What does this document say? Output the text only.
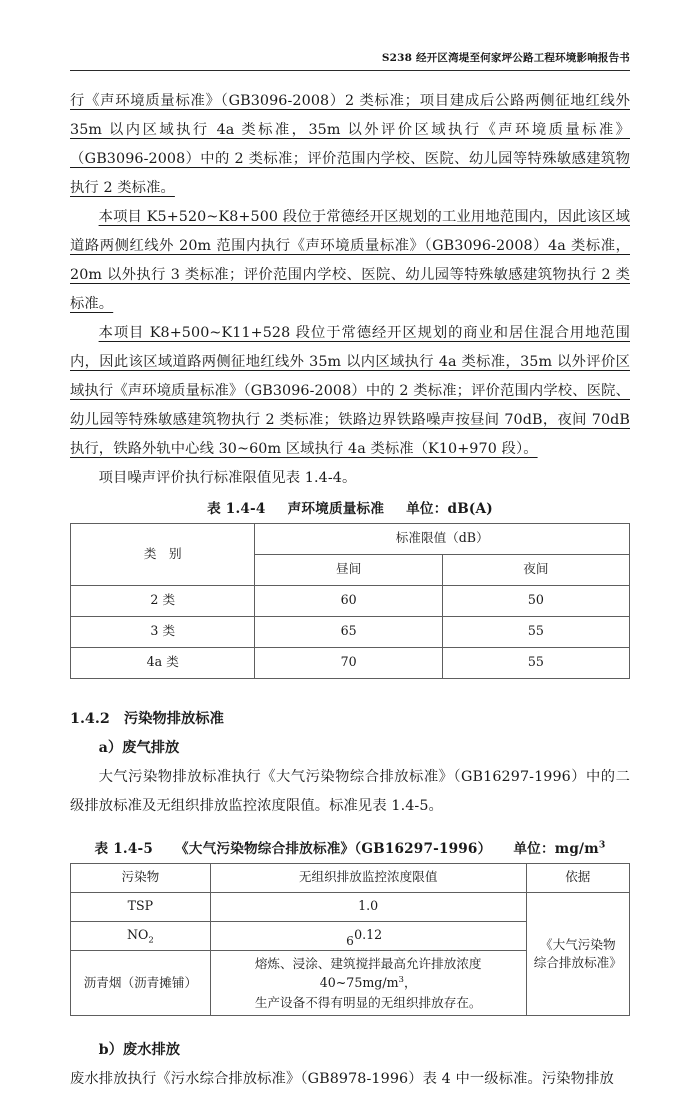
S238 经开区湾堤至何家坪公路工程环境影响报告书

行《声环境质量标准》（GB3096-2008）2 类标准；项目建成后公路两侧征地红线外 35m 以内区域执行 4a 类标准，35m 以外评价区域执行《声环境质量标准》（GB3096-2008）中的 2 类标准；评价范围内学校、医院、幼儿园等特殊敏感建筑物执行 2 类标准。

本项目 K5+520~K8+500 段位于常德经开区规划的工业用地范围内，因此该区域道路两侧红线外 20m 范围内执行《声环境质量标准》（GB3096-2008）4a 类标准，20m 以外执行 3 类标准；评价范围内学校、医院、幼儿园等特殊敏感建筑物执行 2 类标准。

本项目 K8+500~K11+528 段位于常德经开区规划的商业和居住混合用地范围内，因此该区域道路两侧征地红线外 35m 以内区域执行 4a 类标准，35m 以外评价区域执行《声环境质量标准》（GB3096-2008）中的 2 类标准；评价范围内学校、医院、幼儿园等特殊敏感建筑物执行 2 类标准；铁路边界铁路噪声按昼间 70dB，夜间 70dB 执行，铁路外轨中心线 30~60m 区域执行 4a 类标准（K10+970 段）。

项目噪声评价执行标准限值见表 1.4-4。

表 1.4-4 声环境质量标准 单位：dB(A)
类　别	标准限值（dB）	
	昼间	夜间
2 类	60	50
3 类	65	55
4a 类	70	55

1.4.2 污染物排放标准

a）废气排放

大气污染物排放标准执行《大气污染物综合排放标准》（GB16297-1996）中的二级排放标准及无组织排放监控浓度限值。标准见表 1.4-5。

表 1.4-5 《大气污染物综合排放标准》（GB16297-1996） 单位：$mg/m^3$
污染物	无组织排放监控浓度限值	依据
TSP	1.0	《大气污染物
综合排放标准》

$NO_2$	0.12	
沥青烟（沥青摊铺）	熔炼、浸涂、建筑搅拌最高允许排放浓度 $40\sim 75mg/m^3$，
生产设备不得有明显的无组织排放存在。	

b）废水排放

废水排放执行《污水综合排放标准》（GB8978-1996）表 4 中一级标准。污染物排放

6
